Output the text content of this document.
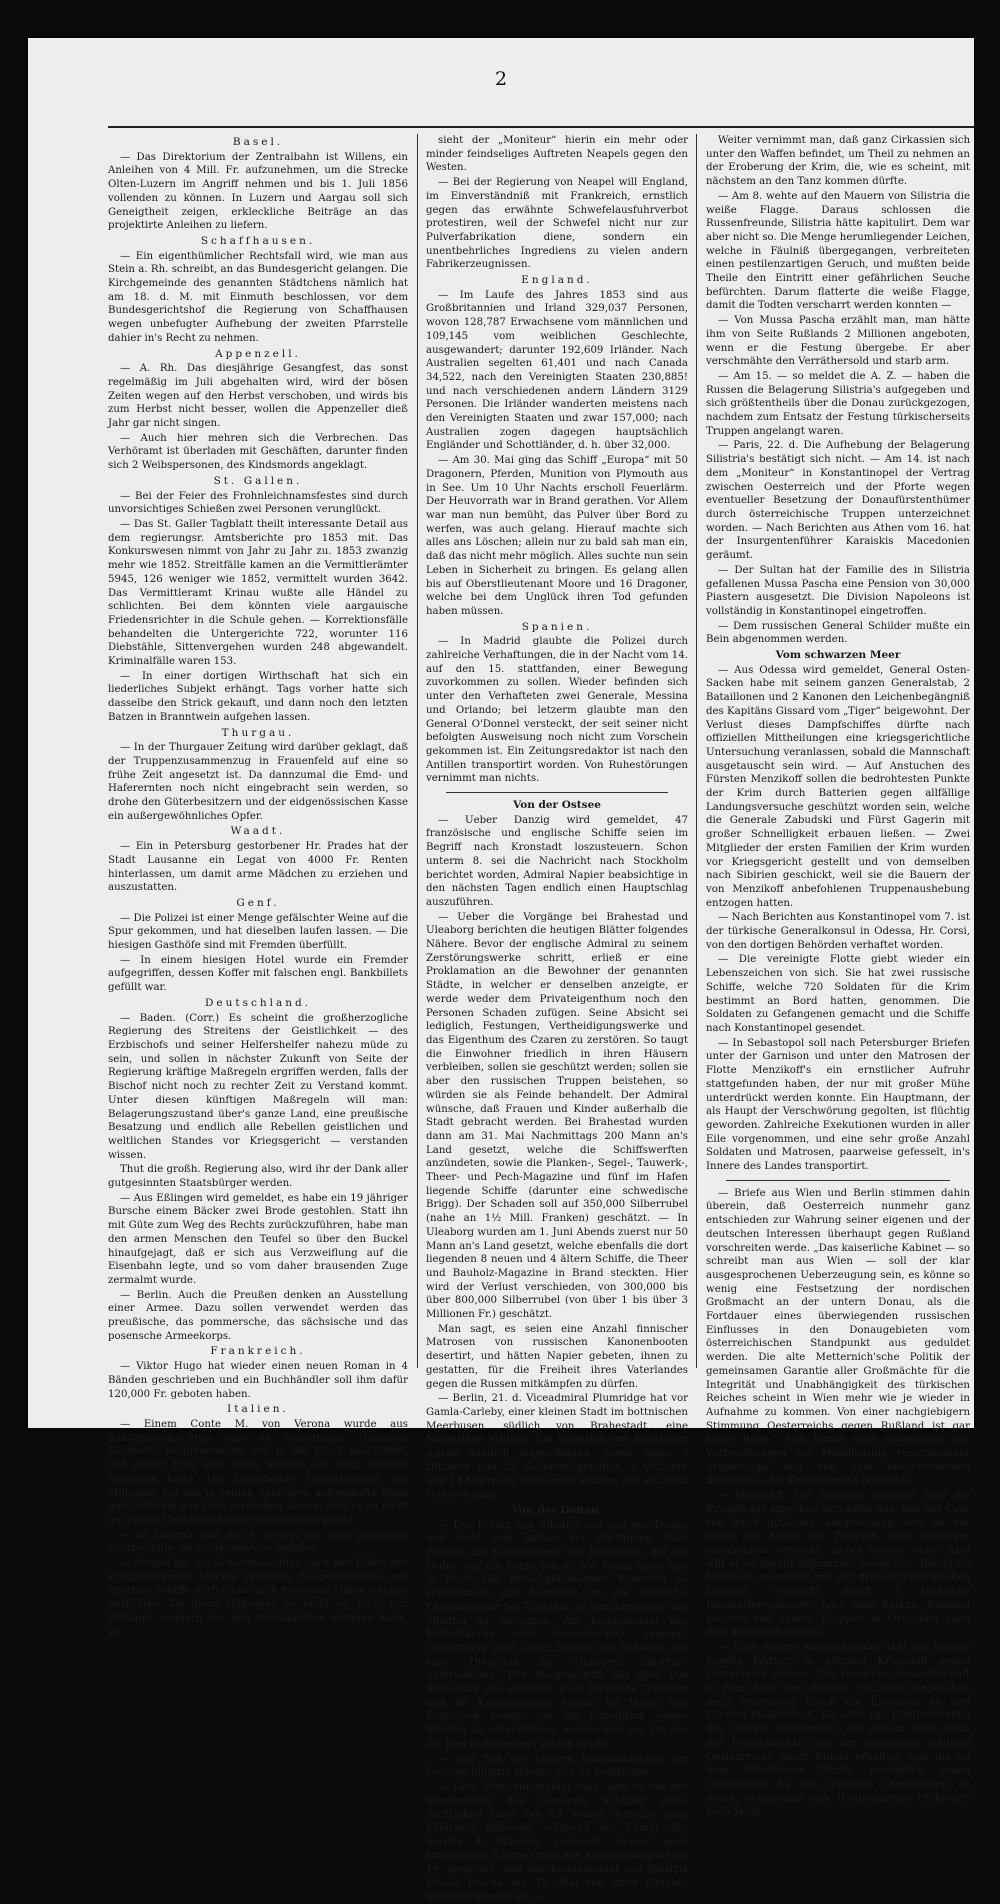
2
Basel.

— Das Direktorium der Zentralbahn ist Willens, ein Anleihen von 4 Mill. Fr. aufzunehmen, um die Strecke Olten-Luzern im Angriff nehmen und bis 1. Juli 1856 vollenden zu können. In Luzern und Aargau soll sich Geneigtheit zeigen, erkleckliche Beiträge an das projektirte Anleihen zu liefern.

Schaffhausen.

— Ein eigenthümlicher Rechtsfall wird, wie man aus Stein a. Rh. schreibt, an das Bundesgericht gelangen. Die Kirchgemeinde des genannten Städtchens nämlich hat am 18. d. M. mit Einmuth beschlossen, vor dem Bundesgerichtshof die Regierung von Schaffhausen wegen unbefugter Aufhebung der zweiten Pfarrstelle dahier in's Recht zu nehmen.

Appenzell.

— A. Rh. Das diesjährige Gesangfest, das sonst regelmäßig im Juli abgehalten wird, wird der bösen Zeiten wegen auf den Herbst verschoben, und wirds bis zum Herbst nicht besser, wollen die Appenzeller dieß Jahr gar nicht singen.

— Auch hier mehren sich die Verbrechen. Das Verhöramt ist überladen mit Geschäften, darunter finden sich 2 Weibspersonen, des Kindsmords angeklagt.

St. Gallen.

— Bei der Feier des Frohnleichnamsfestes sind durch unvorsichtiges Schießen zwei Personen verunglückt.

— Das St. Galler Tagblatt theilt interessante Detail aus dem regierungsr. Amtsberichte pro 1853 mit. Das Konkurswesen nimmt von Jahr zu Jahr zu. 1853 zwanzig mehr wie 1852. Streitfälle kamen an die Vermittlerämter 5945, 126 weniger wie 1852, vermittelt wurden 3642. Das Vermittleramt Krinau wußte alle Händel zu schlichten. Bei dem könnten viele aargauische Friedensrichter in die Schule gehen. — Korrektionsfälle behandelten die Untergerichte 722, worunter 116 Diebstähle, Sittenvergehen wurden 248 abgewandelt. Kriminalfälle waren 153.

— In einer dortigen Wirthschaft hat sich ein liederliches Subjekt erhängt. Tags vorher hatte sich dasselbe den Strick gekauft, und dann noch den letzten Batzen in Branntwein aufgehen lassen.

Thurgau.

— In der Thurgauer Zeitung wird darüber geklagt, daß der Truppenzusammenzug in Frauenfeld auf eine so frühe Zeit angesetzt ist. Da dannzumal die Emd- und Haferernten noch nicht eingebracht sein werden, so drohe den Güterbesitzern und der eidgenössischen Kasse ein außergewöhnliches Opfer.

Waadt.

— Ein in Petersburg gestorbener Hr. Prades hat der Stadt Lausanne ein Legat von 4000 Fr. Renten hinterlassen, um damit arme Mädchen zu erziehen und auszustatten.

Genf.

— Die Polizei ist einer Menge gefälschter Weine auf die Spur gekommen, und hat dieselben laufen lassen. — Die hiesigen Gasthöfe sind mit Fremden überfüllt.

— In einem hiesigen Hotel wurde ein Fremder aufgegriffen, dessen Koffer mit falschen engl. Bankbillets gefüllt war.

Deutschland.

— Baden. (Corr.) Es scheint die großherzogliche Regierung des Streitens der Geistlichkeit — des Erzbischofs und seiner Helfershelfer nahezu müde zu sein, und sollen in nächster Zukunft von Seite der Regierung kräftige Maßregeln ergriffen werden, falls der Bischof nicht noch zu rechter Zeit zu Verstand kommt. Unter diesen künftigen Maßregeln will man: Belagerungszustand über's ganze Land, eine preußische Besatzung und endlich alle Rebellen geistlichen und weltlichen Standes vor Kriegsgericht — verstanden wissen.

Thut die großh. Regierung also, wird ihr der Dank aller gutgesinnten Staatsbürger werden.

— Aus Eßlingen wird gemeldet, es habe ein 19 jähriger Bursche einem Bäcker zwei Brode gestohlen. Statt ihn mit Güte zum Weg des Rechts zurückzuführen, habe man den armen Menschen den Teufel so über den Buckel hinaufgejagt, daß er sich aus Verzweiflung auf die Eisenbahn legte, und so vom daher brausenden Zuge zermalmt wurde.

— Berlin. Auch die Preußen denken an Ausstellung einer Armee. Dazu sollen verwendet werden das preußische, das pommersche, das sächsische und das posensche Armeekorps.

Frankreich.

— Viktor Hugo hat wieder einen neuen Roman in 4 Bänden geschrieben und ein Buchhändler soll ihm dafür 120,000 Fr. geboten haben.

Italien.

— Einem Conte M. von Verona wurde aus Sanitätsrücksichten eine so bedeutende Quantität Maismehl weggenommen und in die Etsch geschüttet, daß dieser Fluß eine lange Strecke ein ganz anderes Aussehen hatte. Der betreffende Fruchtbesitzer, ein Millionär, hat das in seinen Speichern aufgehäufte Mehl und Getreide aus Geiz verderben lassen, weil er es nicht um einige Centesimi billiger losschlagen wollte.

— In Livorno sind am 9. wegen der sehr günstigen Erntberichte die Getreidepreise gefallen.

— Neapel hat die Schwefelausfuhr nach den Häfen der kriegsführenden Mächte verboten. Neapolitanische und neutrale Schiffe dürfen nur nach neutralen Häfen solchen ausführen. Da diese Maßregel, so heißt es, nicht nur Rußland, sondern nur den Westmächten schaden kann, so

sieht der „Moniteur“ hierin ein mehr oder minder feindseliges Auftreten Neapels gegen den Westen.

— Bei der Regierung von Neapel will England, im Einverständniß mit Frankreich, ernstlich gegen das erwähnte Schwefelausfuhrverbot protestiren, weil der Schwefel nicht nur zur Pulverfabrikation diene, sondern ein unentbehrliches Ingrediens zu vielen andern Fabrikerzeugnissen.

England.

— Im Laufe des Jahres 1853 sind aus Großbritannien und Irland 329,037 Personen, wovon 128,787 Erwachsene vom männlichen und 109,145 vom weiblichen Geschlechte, ausgewandert; darunter 192,609 Irländer. Nach Australien segelten 61,401 und nach Canada 34,522, nach den Vereinigten Staaten 230,885! und nach verschiedenen andern Ländern 3129 Personen. Die Irländer wanderten meistens nach den Vereinigten Staaten und zwar 157,000; nach Australien zogen dagegen hauptsächlich Engländer und Schottländer, d. h. über 32,000.

— Am 30. Mai ging das Schiff „Europa“ mit 50 Dragonern, Pferden, Munition von Plymouth aus in See. Um 10 Uhr Nachts erscholl Feuerlärm. Der Heuvorrath war in Brand gerathen. Vor Allem war man nun bemüht, das Pulver über Bord zu werfen, was auch gelang. Hierauf machte sich alles ans Löschen; allein nur zu bald sah man ein, daß das nicht mehr möglich. Alles suchte nun sein Leben in Sicherheit zu bringen. Es gelang allen bis auf Oberstlieutenant Moore und 16 Dragoner, welche bei dem Unglück ihren Tod gefunden haben müssen.

Spanien.

— In Madrid glaubte die Polizei durch zahlreiche Verhaftungen, die in der Nacht vom 14. auf den 15. stattfanden, einer Bewegung zuvorkommen zu sollen. Wieder befinden sich unter den Verhafteten zwei Generale, Messina und Orlando; bei letzerm glaubte man den General O'Donnel versteckt, der seit seiner nicht befolgten Ausweisung noch nicht zum Vorschein gekommen ist. Ein Zeitungsredaktor ist nach den Antillen transportirt worden. Von Ruhestörungen vernimmt man nichts.

Von der Ostsee

— Ueber Danzig wird gemeldet, 47 französische und englische Schiffe seien im Begriff nach Kronstadt loszusteuern. Schon unterm 8. sei die Nachricht nach Stockholm berichtet worden, Admiral Napier beabsichtige in den nächsten Tagen endlich einen Hauptschlag auszuführen.

— Ueber die Vorgänge bei Brahestad und Uleaborg berichten die heutigen Blätter folgendes Nähere. Bevor der englische Admiral zu seinem Zerstörungswerke schritt, erließ er eine Proklamation an die Bewohner der genannten Städte, in welcher er denselben anzeigte, er werde weder dem Privateigenthum noch den Personen Schaden zufügen. Seine Absicht sei lediglich, Festungen, Vertheidigungswerke und das Eigenthum des Czaren zu zerstören. So taugt die Einwohner friedlich in ihren Häusern verbleiben, sollen sie geschützt werden; sollen sie aber den russischen Truppen beistehen, so würden sie als Feinde behandelt. Der Admiral wünsche, daß Frauen und Kinder außerhalb die Stadt gebracht werden. Bei Brahestad wurden dann am 31. Mai Nachmittags 200 Mann an's Land gesetzt, welche die Schiffswerften anzündeten, sowie die Planken-, Segel-, Tauwerk-, Theer- und Pech-Magazine und fünf im Hafen liegende Schiffe (darunter eine schwedische Brigg). Der Schaden soll auf 350,000 Silberrubel (nahe an 1½ Mill. Franken) geschätzt. — In Uleaborg wurden am 1. Juni Abends zuerst nur 50 Mann an's Land gesetzt, welche ebenfalls die dort liegenden 8 neuen und 4 ältern Schiffe, die Theer und Bauholz-Magazine in Brand steckten. Hier wird der Verlust verschieden, von 300,000 bis über 800,000 Silberrubel (von über 1 bis über 3 Millionen Fr.) geschätzt.

Man sagt, es seien eine Anzahl finnischer Matrosen von russischen Kanonenbooten desertirt, und hätten Napier gebeten, ihnen zu gestatten, für die Freiheit ihres Vaterlandes gegen die Russen mitkämpfen zu dürfen.

— Berlin, 21. d. Viceadmiral Plumridge hat vor Gamla-Carleby, einer kleinen Stadt im bottnischen Meerbusen, südlich von Brahestadt, eine Niederlage erlitten. Ein Ueberfall der Engländer wurde nämlich abgeschlagen, wobei ihnen 3 Offiziere und 28 Soldaten getödtet, 2 Offiziere und 14 Matrosen verwundet wurden und ein Boot verloren ging.

Von der Donau.

— Der Ersatz von Silistria soll von der Donau und nicht vom Balkan her stattfinden. Said Pascha, der Kommandant von Rustschuk, hat die Ordre, der ein Korps von 40,000 Mann nebst den in Rustschuk zurückgebliebenen Reserven zu versammeln, das bestimmt ist, die russische Centrumslinie bei Turtukai zu durchbrechen und Silistria zu entsetzen. Als Kommandant des Entsatzkorps wird Ismender-Bey genannt. Gleichzeitig wird Omer Pascha von Schumla aus eine Diversion zu Gunsten Silistria's unternehmen. Der Hauptangriff soll aber von Rustschuk aus erfolgen. Zwei türkische Dampfer und 80 Kanonenboote stehen im Hafen von Rustschuk bereit, um die Expedition gegen Silistria zu unterstützen, welche sich am 18. der 20. Juni in Bewegung setzen dürfte.

— Der Tod des tapfern Kommandanten der Festung Silistria scheint sich zu bestätigen.

— Dem Moniteur meldet man, daß es mit der Verwundung des Generals Schilder seine Richtigkeit habe. Am 13. wurde derselbe nach Kalarasch gebracht, während der Kampf, der bereits 4 Stunden gedauert, immer noch fortwüthete. Ebenso wird aus Konstantinopel vom 10. gemeldet, daß der Kommandant von Silistria Mussa Pascha am 31. Mai von einer Granate getödtet worden sei. —

Weiter vernimmt man, daß ganz Cirkassien sich unter den Waffen befindet, um Theil zu nehmen an der Eroberung der Krim, die, wie es scheint, mit nächstem an den Tanz kommen dürfte.

— Am 8. wehte auf den Mauern von Silistria die weiße Flagge. Daraus schlossen die Russenfreunde, Silistria hätte kapitulirt. Dem war aber nicht so. Die Menge herumliegender Leichen, welche in Fäulniß übergegangen, verbreiteten einen pestilenzartigen Geruch, und mußten beide Theile den Eintritt einer gefährlichen Seuche befürchten. Darum flatterte die weiße Flagge, damit die Todten verscharrt werden konnten —

— Von Mussa Pascha erzählt man, man hätte ihm von Seite Rußlands 2 Millionen angeboten, wenn er die Festung übergebe. Er aber verschmähte den Verräthersold und starb arm.

— Am 15. — so meldet die A. Z. — haben die Russen die Belagerung Silistria's aufgegeben und sich größtentheils über die Donau zurückgezogen, nachdem zum Entsatz der Festung türkischerseits Truppen angelangt waren.

— Paris, 22. d. Die Aufhebung der Belagerung Silistria's bestätigt sich nicht. — Am 14. ist nach dem „Moniteur“ in Konstantinopel der Vertrag zwischen Oesterreich und der Pforte wegen eventueller Besetzung der Donaufürstenthümer durch österreichische Truppen unterzeichnet worden. — Nach Berichten aus Athen vom 16. hat der Insurgentenführer Karaiskis Macedonien geräumt.

— Der Sultan hat der Familie des in Silistria gefallenen Mussa Pascha eine Pension von 30,000 Piastern ausgesetzt. Die Division Napoleons ist vollständig in Konstantinopel eingetroffen.

— Dem russischen General Schilder mußte ein Bein abgenommen werden.

Vom schwarzen Meer

— Aus Odessa wird gemeldet, General Osten-Sacken habe mit seinem ganzen Generalstab, 2 Bataillonen und 2 Kanonen den Leichenbegängniß des Kapitäns Gissard vom „Tiger“ beigewohnt. Der Verlust dieses Dampfschiffes dürfte nach offiziellen Mittheilungen eine kriegsgerichtliche Untersuchung veranlassen, sobald die Mannschaft ausgetauscht sein wird. — Auf Anstuchen des Fürsten Menzikoff sollen die bedrohtesten Punkte der Krim durch Batterien gegen allfällige Landungsversuche geschützt worden sein, welche die Generale Zabudski und Fürst Gagerin mit großer Schnelligkeit erbauen ließen. — Zwei Mitglieder der ersten Familien der Krim wurden vor Kriegsgericht gestellt und von demselben nach Sibirien geschickt, weil sie die Bauern der von Menzikoff anbefohlenen Truppenaushebung entzogen hatten.

— Nach Berichten aus Konstantinopel vom 7. ist der türkische Generalkonsul in Odessa, Hr. Corsi, von den dortigen Behörden verhaftet worden.

— Die vereinigte Flotte giebt wieder ein Lebenszeichen von sich. Sie hat zwei russische Schiffe, welche 720 Soldaten für die Krim bestimmt an Bord hatten, genommen. Die Soldaten zu Gefangenen gemacht und die Schiffe nach Konstantinopel gesendet.

— In Sebastopol soll nach Petersburger Briefen unter der Garnison und unter den Matrosen der Flotte Menzikoff's ein ernstlicher Aufruhr stattgefunden haben, der nur mit großer Mühe unterdrückt werden konnte. Ein Hauptmann, der als Haupt der Verschwörung gegolten, ist flüchtig geworden. Zahlreiche Exekutionen wurden in aller Eile vorgenommen, und eine sehr große Anzahl Soldaten und Matrosen, paarweise gefesselt, in's Innere des Landes transportirt.

— Briefe aus Wien und Berlin stimmen dahin überein, daß Oesterreich nunmehr ganz entschieden zur Wahrung seiner eigenen und der deutschen Interessen überhaupt gegen Rußland vorschreiten werde. „Das kaiserliche Kabinet — so schreibt man aus Wien — soll der klar ausgesprochenen Ueberzeugung sein, es könne so wenig eine Festsetzung der nordischen Großmacht an der untern Donau, als die Fortdauer eines überwiegenden russischen Einflusses in den Donaugebieten vom österreichischen Standpunkt aus geduldet werden. Die alte Metternich'sche Politik der gemeinsamen Garantie aller Großmächte für die Integrität und Unabhängigkeit des türkischen Reiches scheint in Wien mehr wie je wieder in Aufnahme zu kommen. Von einer nachgiebigern Stimmung Oesterreichs gegen Rußland ist gar keine Rede.“ Von Berlin wird neuerdings von Vorbereitungen zur Mobilisirung verschiedener Armeekorps und von dem bevorstehenden Abschlusse der Kriegsanleihe berichtet.

— Mittwoch. Die heutigen Berichte über die Kriegsfrage sprechen sich offen aus, daß der Czar von einer gütlichen Ausgleichung, wie sie vor allem der König von Preußen, sein Schwager anzubahnen versucht, nichts wissen wolle. Also will er es darauf ankommen lassen?! — Der Prinz Napoleon marschirt mit der dritten französischen Division, verstärkt durch 3 türkische Infanterieregimenter nach dem Balkan. England beordre von seinen Truppen in Ostindien nach dem Kriegsschauplatz.

— Eine Wiener Korrespondenz läßt die Russen bereits faktisch in offenem Kriegsfall gegen Oesterreich stehen. Die russische Gesandtschaft in Wien habe den Auftrag, von allen Depeschen nach Petersburg durch ein Exemplar an den Fürsten Paskewitsch, als alter ego (Stellvertreter) des Czaren, abzusenden. Auf diesem Wege habe der Feldmarschall von der drohenden Haltung Oesterreichs sofort Kunde erhalten, was ihn zu dem Entschlusse führte, persönlich gegen Oesterreich zu den nöthigen Operationen zu leiten, demgemäß sein Hauptquartier rückwärts nach Jassy
